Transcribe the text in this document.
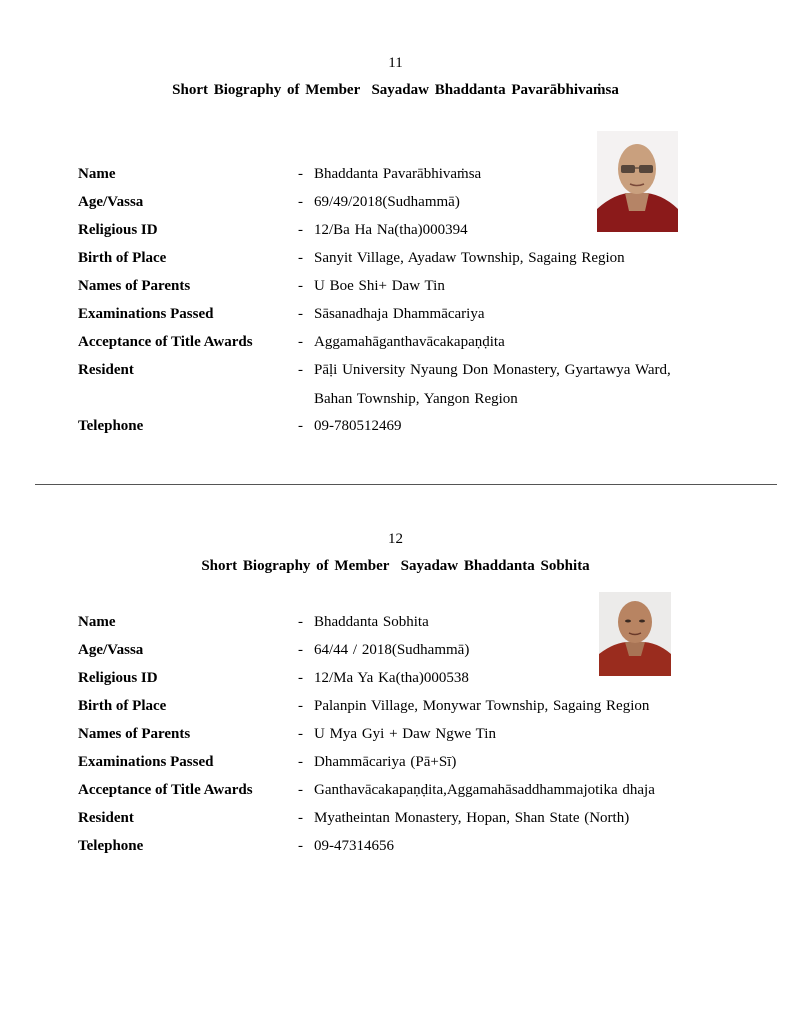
11
Short Biography of Member  Sayadaw Bhaddanta Pavarābhivaṁsa
Name	- Bhaddanta Pavarābhivaṁsa
Age/Vassa	- 69/49/2018(Sudhammā)
Religious ID	- 12/Ba Ha Na(tha)000394
Birth of Place	- Sanyit Village, Ayadaw Township, Sagaing Region
Names of Parents	- U Boe Shi+ Daw Tin
Examinations Passed	- Sāsanadhaja Dhammācariya
Acceptance of Title Awards	- Aggamahāganthavācakapaṇḍita
Resident	- Pāḷi University Nyaung Don Monastery, Gyartawya Ward,
Bahan Township, Yangon Region
Telephone	- 09-780512469
12
Short Biography of Member  Sayadaw Bhaddanta Sobhita
Name	- Bhaddanta Sobhita
Age/Vassa	- 64/44 / 2018(Sudhammā)
Religious ID	- 12/Ma Ya Ka(tha)000538
Birth of Place	- Palanpin Village, Monywar Township, Sagaing Region
Names of Parents	- U Mya Gyi + Daw Ngwe Tin
Examinations Passed	- Dhammācariya (Pā+Sī)
Acceptance of Title Awards	- Ganthavācakapaṇḍita,Aggamahāsaddhammajotika dhaja
Resident	- Myatheintan Monastery, Hopan, Shan State (North)
Telephone	- 09-47314656
